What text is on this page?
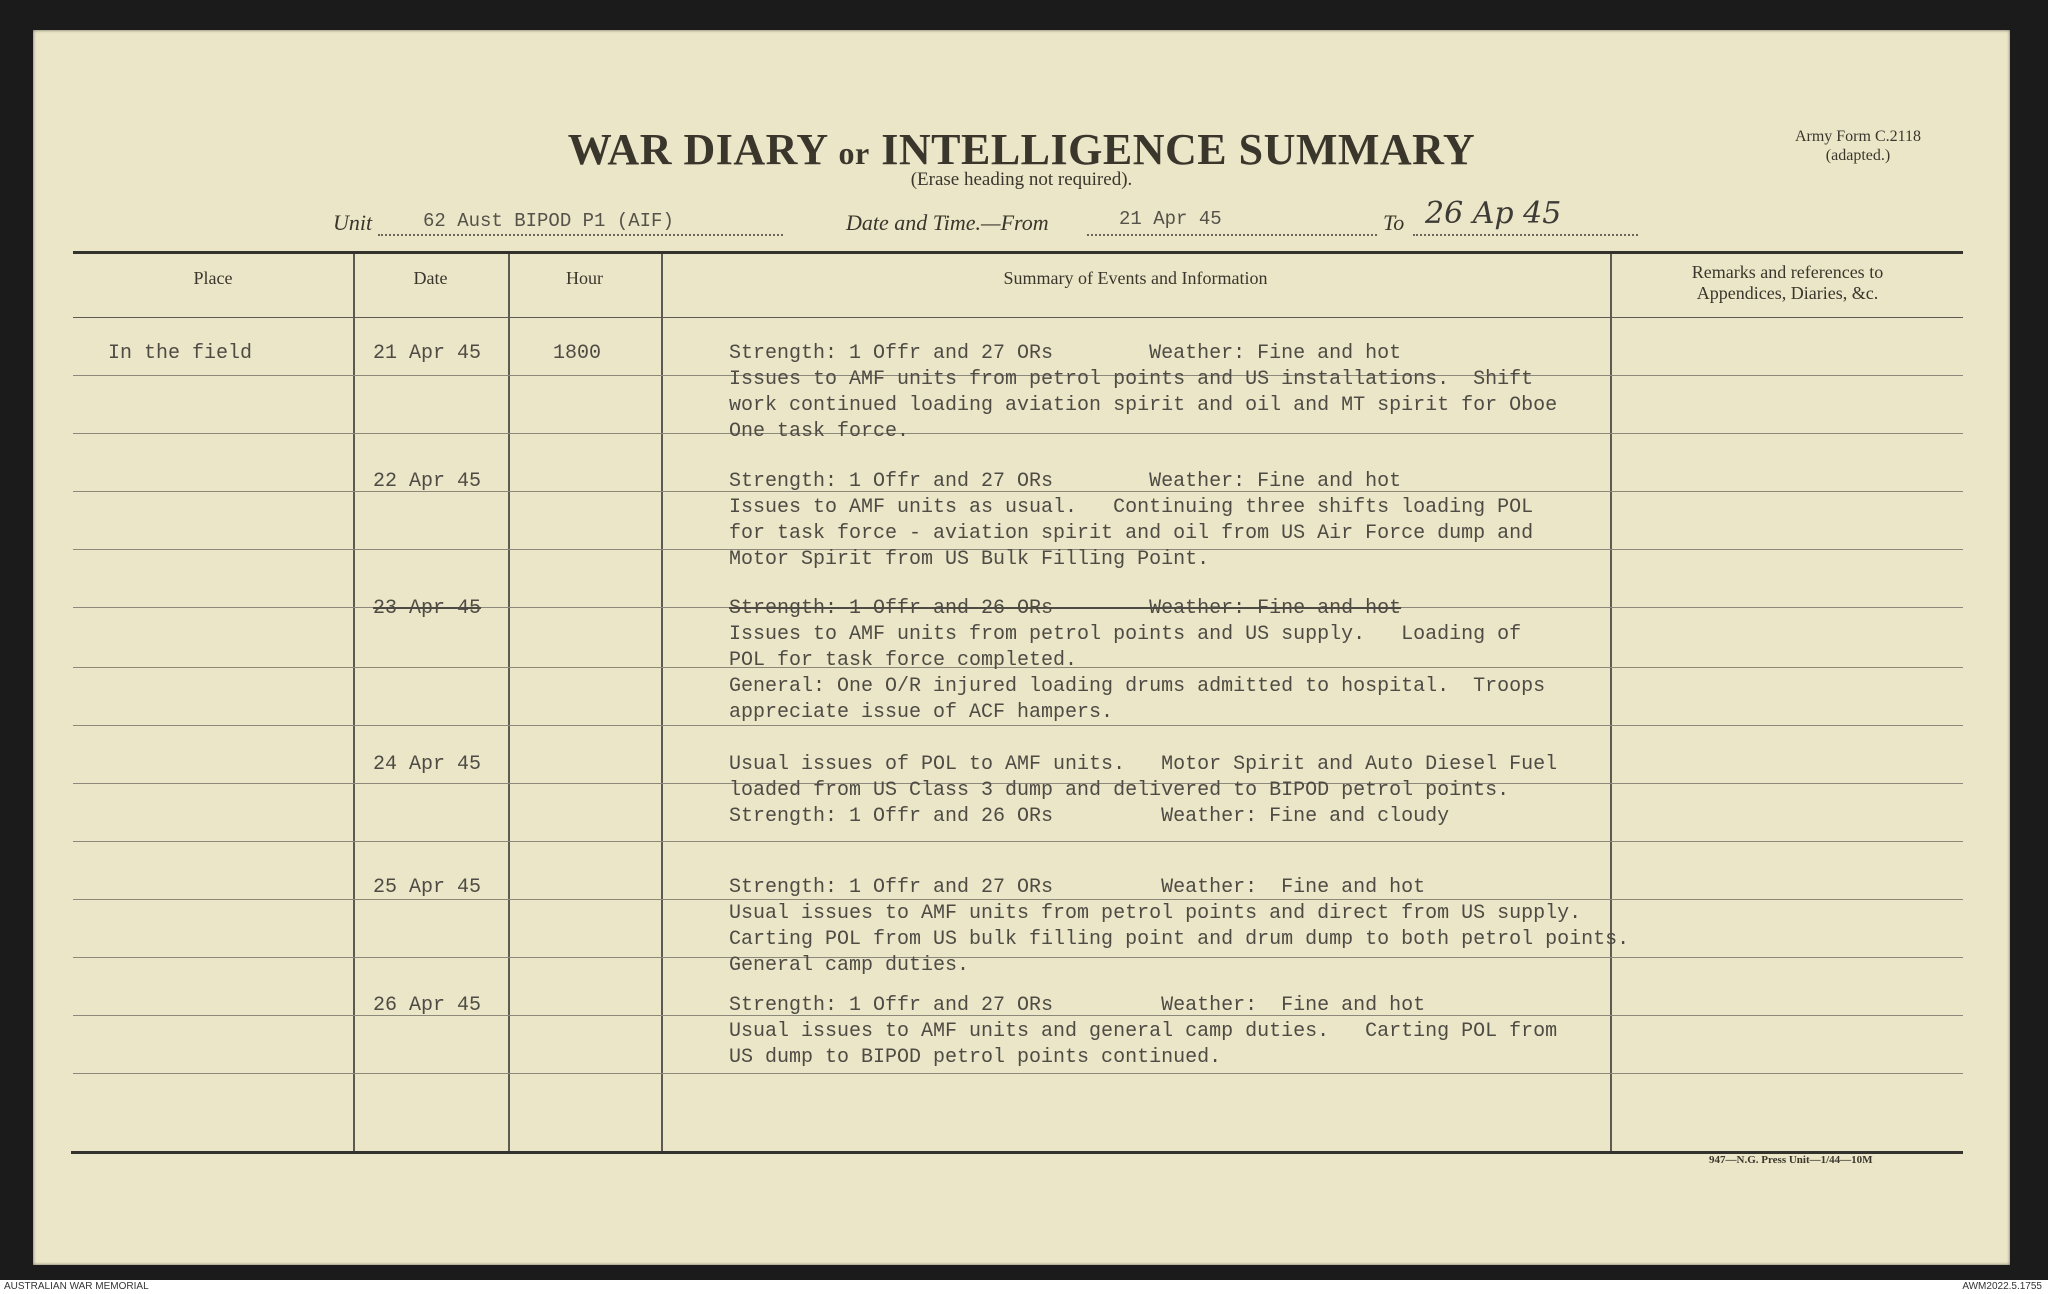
WAR DIARY or INTELLIGENCE SUMMARY
(Erase heading not required).
Army Form C.2118
(adapted.)
Unit	62 Aust BIPOD P1 (AIF)	Date and Time.—From	21 Apr 45	To 26 Ap 45
Place	Date	Hour	Summary of Events and Information	Remarks and references to
Appendices, Diaries, &c.
In the field	21 Apr 45	1800	Strength: 1 Offr and 27 ORs        Weather: Fine and hot
Issues to AMF units from petrol points and US installations.  Shift
work continued loading aviation spirit and oil and MT spirit for Oboe
One task force.
22 Apr 45	Strength: 1 Offr and 27 ORs        Weather: Fine and hot
Issues to AMF units as usual.   Continuing three shifts loading POL
for task force - aviation spirit and oil from US Air Force dump and
Motor Spirit from US Bulk Filling Point.
23 Apr 45	Strength: 1 Offr and 26 ORs        Weather: Fine and hot
Issues to AMF units from petrol points and US supply.   Loading of
POL for task force completed.
General: One O/R injured loading drums admitted to hospital.  Troops
appreciate issue of ACF hampers.
24 Apr 45	Usual issues of POL to AMF units.   Motor Spirit and Auto Diesel Fuel
loaded from US Class 3 dump and delivered to BIPOD petrol points.
Strength: 1 Offr and 26 ORs         Weather: Fine and cloudy
25 Apr 45	Strength: 1 Offr and 27 ORs         Weather:  Fine and hot
Usual issues to AMF units from petrol points and direct from US supply.
Carting POL from US bulk filling point and drum dump to both petrol points.
General camp duties.
26 Apr 45	Strength: 1 Offr and 27 ORs         Weather:  Fine and hot
Usual issues to AMF units and general camp duties.   Carting POL from
US dump to BIPOD petrol points continued.
947—N.G. Press Unit—1/44—10M
AUSTRALIAN WAR MEMORIAL	AWM2022.5.1755
